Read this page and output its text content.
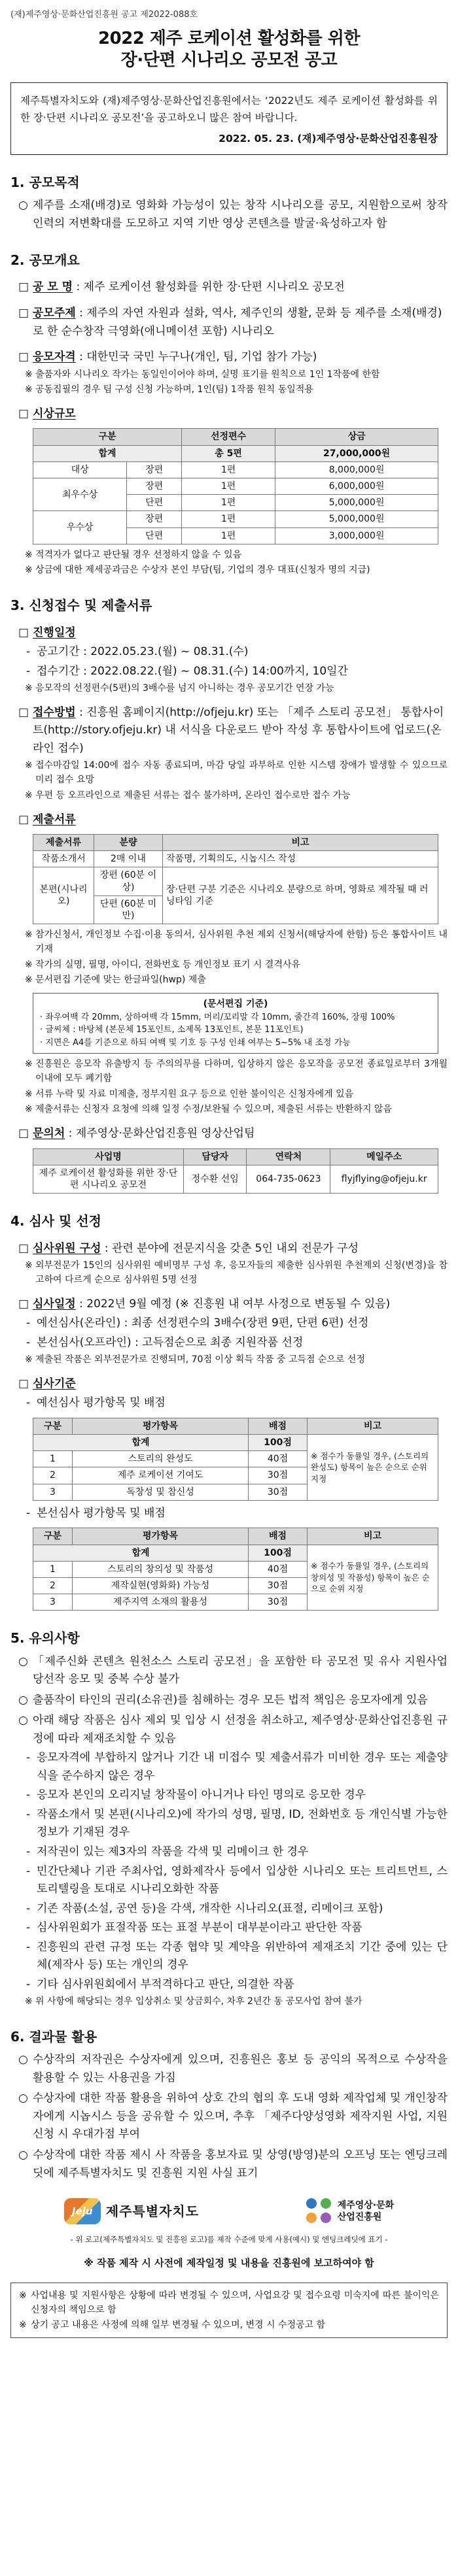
(재)제주영상·문화산업진흥원 공고 제2022-088호
2022 제주 로케이션 활성화를 위한
장·단편 시나리오 공모전 공고
제주특별자치도와 (재)제주영상·문화산업진흥원에서는 ‘2022년도 제주 로케이션 활성화를 위한 장·단편 시나리오 공모전’을 공고하오니 많은 참여 바랍니다.
2022. 05. 23. (재)제주영상·문화산업진흥원장
1. 공모목적
○ 제주를 소재(배경)로 영화화 가능성이 있는 창작 시나리오를 공모, 지원함으로써 창작인력의 저변확대를 도모하고 지역 기반 영상 콘텐츠를 발굴·육성하고자 함
2. 공모개요
□ 공 모 명 : 제주 로케이션 활성화를 위한 장·단편 시나리오 공모전
□ 공모주제 : 제주의 자연 자원과 설화, 역사, 제주인의 생활, 문화 등 제주를 소재(배경)로 한 순수창작 극영화(애니메이션 포함) 시나리오
□ 응모자격 : 대한민국 국민 누구나(개인, 팀, 기업 참가 가능)
※ 출품자와 시나리오 작가는 동일인이어야 하며, 실명 표기를 원칙으로 1인 1작품에 한함
※ 공동집필의 경우 팀 구성 신청 가능하며, 1인(팀) 1작품 원칙 동일적용
□ 시상규모
구분		선정편수	상금
합계		총 5편	27,000,000원
대상	장편	1편	8,000,000원
최우수상	장편	1편	6,000,000원
	단편	1편	5,000,000원
우수상	장편	1편	5,000,000원
	단편	1편	3,000,000원
※ 적격자가 없다고 판단될 경우 선정하지 않을 수 있음
※ 상금에 대한 제세공과금은 수상자 본인 부담(팀, 기업의 경우 대표(신청자 명의 지급)
3. 신청접수 및 제출서류
□ 진행일정
- 공고기간 : 2022.05.23.(월) ~ 08.31.(수)
- 접수기간 : 2022.08.22.(월) ~ 08.31.(수) 14:00까지, 10일간
※ 응모작의 선정편수(5편)의 3배수를 넘지 아니하는 경우 공모기간 연장 가능
□ 접수방법 : 진흥원 홈페이지(http://ofjeju.kr) 또는 「제주 스토리 공모전」 통합사이트(http://story.ofjeju.kr) 내 서식을 다운로드 받아 작성 후 통합사이트에 업로드(온라인 접수)
※ 접수마감일 14:00에 접수 자동 종료되며, 마감 당일 과부하로 인한 시스템 장애가 발생할 수 있으므로 미리 접수 요망
※ 우편 등 오프라인으로 제출된 서류는 접수 불가하며, 온라인 접수로만 접수 가능
□ 제출서류
제출서류	분량	비고
작품소개서	2매 이내	작품명, 기획의도, 시놉시스 작성
본편(시나리오)	장편 (60분 이상)	장·단편 구분 기준은 시나리오 분량으로 하며, 영화로 제작될 때 러닝타임 기준
	단편 (60분 미만)	
※ 참가신청서, 개인정보 수집·이용 동의서, 심사위원 추천 제외 신청서(해당자에 한함) 등은 통합사이트 내 기재
※ 작가의 실명, 필명, 아이디, 전화번호 등 개인정보 표기 시 결격사유
※ 문서편집 기준에 맞는 한글파일(hwp) 제출
(문서편집 기준)
· 좌우여백 각 20mm, 상하여백 각 15mm, 머리/꼬리말 각 10mm, 줄간격 160%, 장평 100%
· 글씨체 : 바탕체 (본문체 15포인트, 소제목 13포인트, 본문 11포인트)
· 지면은 A4를 기준으로 하되 여백 및 기호 등 구성 인쇄 여부는 5~5% 내 조정 가능
※ 진흥원은 응모작 유출방지 등 주의의무를 다하며, 입상하지 않은 응모작을 공모전 종료일로부터 3개월 이내에 모두 폐기함
※ 서류 누락 및 자료 미제출, 정부지원 요구 등으로 인한 불이익은 신청자에게 있음
※ 제출서류는 신청자 요청에 의해 일정 수정/보완될 수 있으며, 제출된 서류는 반환하지 않음
□ 문의처 : 제주영상·문화산업진흥원 영상산업팀
사업명	담당자	연락처	메일주소
제주 로케이션 활성화를 위한 장·단편 시나리오 공모전	정수환 선임	064-735-0623	flyjflying@ofjeju.kr
4. 심사 및 선정
□ 심사위원 구성 : 관련 분야에 전문지식을 갖춘 5인 내외 전문가 구성
※ 외부전문가 15인의 심사위원 예비명부 구성 후, 응모자들의 제출한 심사위원 추천제외 신청(변경)을 참고하여 다르게 순으로 심사위원 5명 선정
□ 심사일정 : 2022년 9월 예정 (※ 진흥원 내 여부 사정으로 변동될 수 있음)
- 예선심사(온라인) : 최종 선정편수의 3배수(장편 9편, 단편 6편) 선정
- 본선심사(오프라인) : 고득점순으로 최종 지원작품 선정
※ 제출된 작품은 외부전문가로 진행되며, 70점 이상 획득 작품 중 고득점 순으로 선정
□ 심사기준
- 예선심사 평가항목 및 배점
구분	평가항목	배점	비고
합계		100점	※ 점수가 동률일 경우, (스토리의 완성도) 항목이 높은 순으로 순위 지정
1	스토리의 완성도	40점	
2	제주 로케이션 기여도	30점	
3	독창성 및 참신성	30점	
- 본선심사 평가항목 및 배점
구분	평가항목	배점	비고
합계		100점	※ 점수가 동률일 경우, (스토리의 창의성 및 작품성) 항목이 높은 순으로 순위 지정
1	스토리의 창의성 및 작품성	40점	
2	제작실현(영화화) 가능성	30점	
3	제주지역 소재의 활용성	30점	
5. 유의사항
○ 「제주신화 콘텐츠 원천소스 스토리 공모전」을 포함한 타 공모전 및 유사 지원사업 당선작 응모 및 중복 수상 불가
○ 출품작이 타인의 권리(소유권)를 침해하는 경우 모든 법적 책임은 응모자에게 있음
○ 아래 해당 작품은 심사 제외 및 입상 시 선정을 취소하고, 제주영상·문화산업진흥원 규정에 따라 제재조치할 수 있음
- 응모자격에 부합하지 않거나 기간 내 미접수 및 제출서류가 미비한 경우 또는 제출양식을 준수하지 않은 경우
- 응모자 본인의 오리지널 창작물이 아니거나 타인 명의로 응모한 경우
- 작품소개서 및 본편(시나리오)에 작가의 성명, 필명, ID, 전화번호 등 개인식별 가능한 정보가 기재된 경우
- 저작권이 있는 제3자의 작품을 각색 및 리메이크 한 경우
- 민간단체나 기관 주최사업, 영화제작사 등에서 입상한 시나리오 또는 트리트먼트, 스토리텔링을 토대로 시나리오화한 작품
- 기존 작품(소설, 공연 등)을 각색, 개작한 시나리오(표절, 리메이크 포함)
- 심사위원회가 표절작품 또는 표절 부분이 대부분이라고 판단한 작품
- 진흥원의 관련 규정 또는 각종 협약 및 계약을 위반하여 제재조치 기간 중에 있는 단체(제작사 등) 또는 개인의 경우
- 기타 심사위원회에서 부적격하다고 판단, 의결한 작품
※ 위 사항에 해당되는 경우 입상취소 및 상금회수, 차후 2년간 동 공모사업 참여 불가
6. 결과물 활용
○ 수상작의 저작권은 수상자에게 있으며, 진흥원은 홍보 등 공익의 목적으로 수상작을 활용할 수 있는 사용권을 가짐
○ 수상자에 대한 작품 활용을 위하여 상호 간의 협의 후 도내 영화 제작업체 및 개인창작자에게 시놉시스 등을 공유할 수 있으며, 추후 「제주다양성영화 제작지원 사업, 지원신청 시 우대가점 부여
○ 수상작에 대한 작품 제시 사 작품을 홍보자료 및 상영(방영)분의 오프닝 또는 엔딩크레딧에 제주특별자치도 및 진흥원 지원 사실 표기
Jeju	제주특별자치도	제주영상·문화
산업진흥원
- 위 로고(제주특별자치도 및 진흥원 로고)를 제작 수준에 맞게 사용(예시) 및 엔딩크레딧에 표기 -
※ 작품 제작 시 사전에 제작일정 및 내용을 진흥원에 보고하여야 함
※ 사업내용 및 지원사항은 상황에 따라 변경될 수 있으며, 사업요강 및 접수요령 미숙지에 따른 불이익은 신청자의 책임으로 함
※ 상기 공고 내용은 사정에 의해 일부 변경될 수 있으며, 변경 시 수정공고 함
